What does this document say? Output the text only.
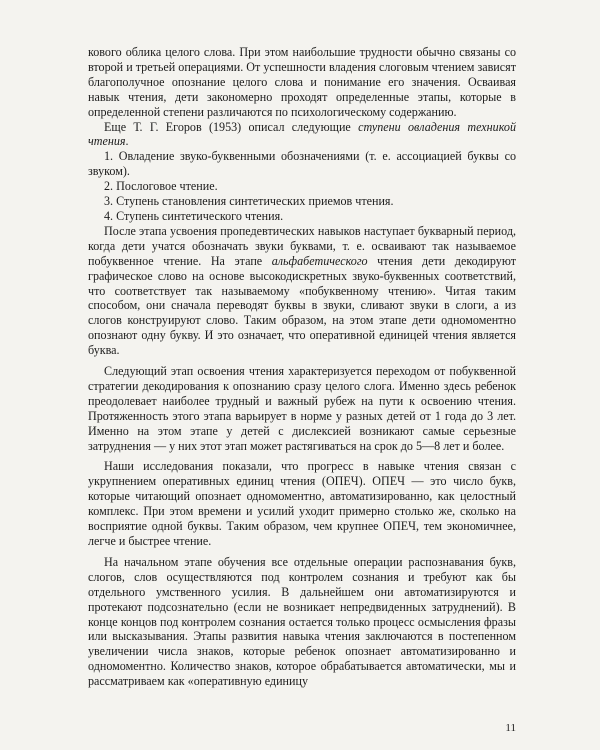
кового облика целого слова. При этом наибольшие трудности обычно связаны со второй и третьей операциями. От успешности владения слоговым чтением зависят благополучное опознание целого слова и понимание его значения. Осваивая навык чтения, дети закономерно проходят определенные этапы, которые в определенной степени различаются по психологическому содержанию.

Еще Т. Г. Егоров (1953) описал следующие ступени овладения техникой чтения.

1. Овладение звуко-буквенными обозначениями (т. е. ассоциацией буквы со звуком).

2. Послоговое чтение.

3. Ступень становления синтетических приемов чтения.

4. Ступень синтетического чтения.

После этапа усвоения пропедевтических навыков наступает букварный период, когда дети учатся обозначать звуки буквами, т. е. осваивают так называемое побуквенное чтение. На этапе альфабетического чтения дети декодируют графическое слово на основе высокодискретных звуко-буквенных соответствий, что соответствует так называемому «побуквенному чтению». Читая таким способом, они сначала переводят буквы в звуки, сливают звуки в слоги, а из слогов конструируют слово. Таким образом, на этом этапе дети одномоментно опознают одну букву. И это означает, что оперативной единицей чтения является буква.

Следующий этап освоения чтения характеризуется переходом от побуквенной стратегии декодирования к опознанию сразу целого слога. Именно здесь ребенок преодолевает наиболее трудный и важный рубеж на пути к освоению чтения. Протяженность этого этапа варьирует в норме у разных детей от 1 года до 3 лет. Именно на этом этапе у детей с дислексией возникают самые серьезные затруднения — у них этот этап может растягиваться на срок до 5—8 лет и более.

Наши исследования показали, что прогресс в навыке чтения связан с укрупнением оперативных единиц чтения (ОПЕЧ). ОПЕЧ — это число букв, которые читающий опознает одномоментно, автоматизированно, как целостный комплекс. При этом времени и усилий уходит примерно столько же, сколько на восприятие одной буквы. Таким образом, чем крупнее ОПЕЧ, тем экономичнее, легче и быстрее чтение.

На начальном этапе обучения все отдельные операции распознавания букв, слогов, слов осуществляются под контролем сознания и требуют как бы отдельного умственного усилия. В дальнейшем они автоматизируются и протекают подсознательно (если не возникает непредвиденных затруднений). В конце концов под контролем сознания остается только процесс осмысления фразы или высказывания. Этапы развития навыка чтения заключаются в постепенном увеличении числа знаков, которые ребенок опознает автоматизированно и одномоментно. Количество знаков, которое обрабатывается автоматически, мы и рассматриваем как «оперативную единицу

11
